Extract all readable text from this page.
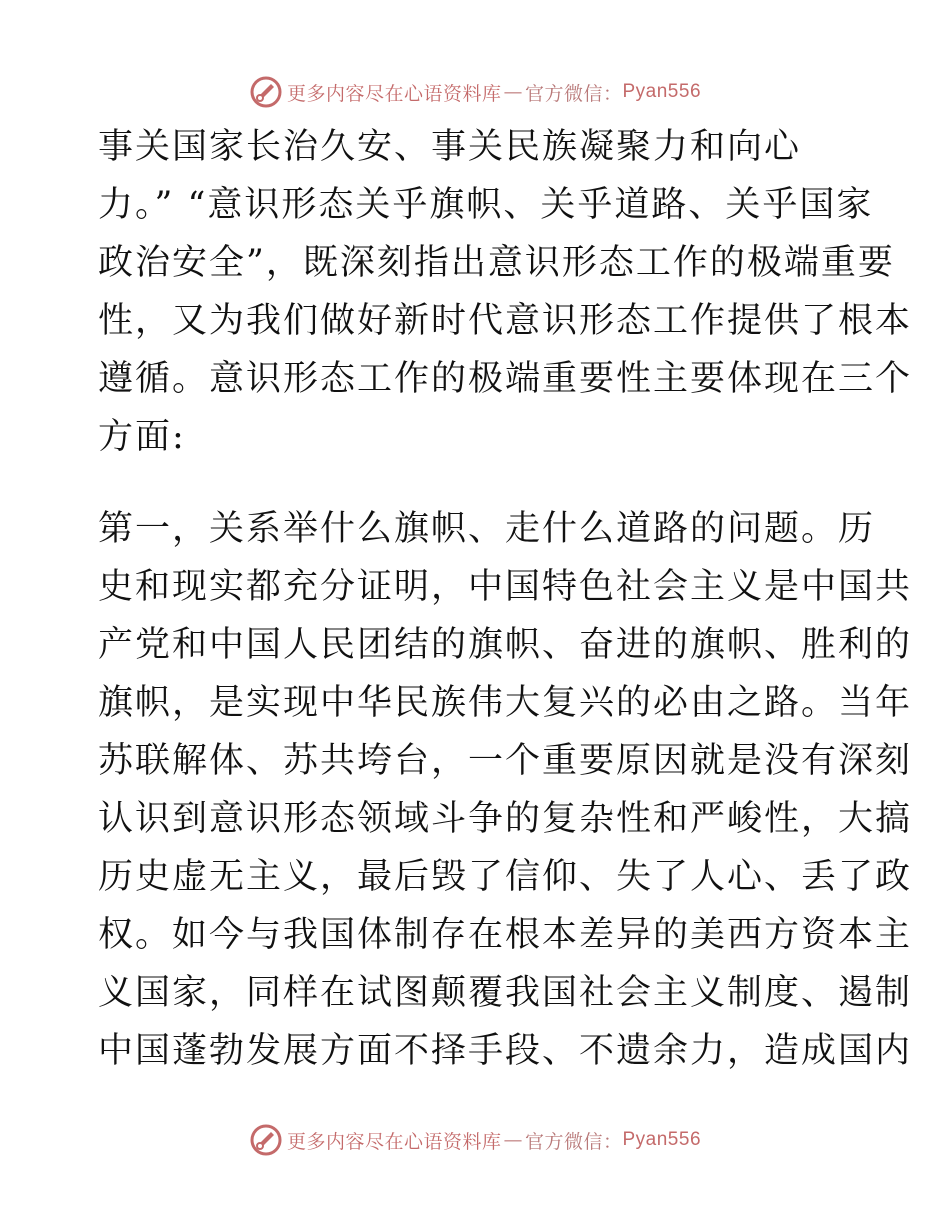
更多内容尽在心语资料库 — 官方微信： Pyan556

事关国家长治久安、事关民族凝聚力和向心
力。” “意识形态关乎旗帜、关乎道路、关乎国家
政治安全”，既深刻指出意识形态工作的极端重要
性，又为我们做好新时代意识形态工作提供了根本
遵循。意识形态工作的极端重要性主要体现在三个
方面:

第一，关系举什么旗帜、走什么道路的问题。历
史和现实都充分证明，中国特色社会主义是中国共
产党和中国人民团结的旗帜、奋进的旗帜、胜利的
旗帜，是实现中华民族伟大复兴的必由之路。当年
苏联解体、苏共垮台，一个重要原因就是没有深刻
认识到意识形态领域斗争的复杂性和严峻性，大搞
历史虚无主义，最后毁了信仰、失了人心、丢了政
权。如今与我国体制存在根本差异的美西方资本主
义国家，同样在试图颠覆我国社会主义制度、遏制
中国蓬勃发展方面不择手段、不遗余力，造成国内

更多内容尽在心语资料库 — 官方微信： Pyan556
